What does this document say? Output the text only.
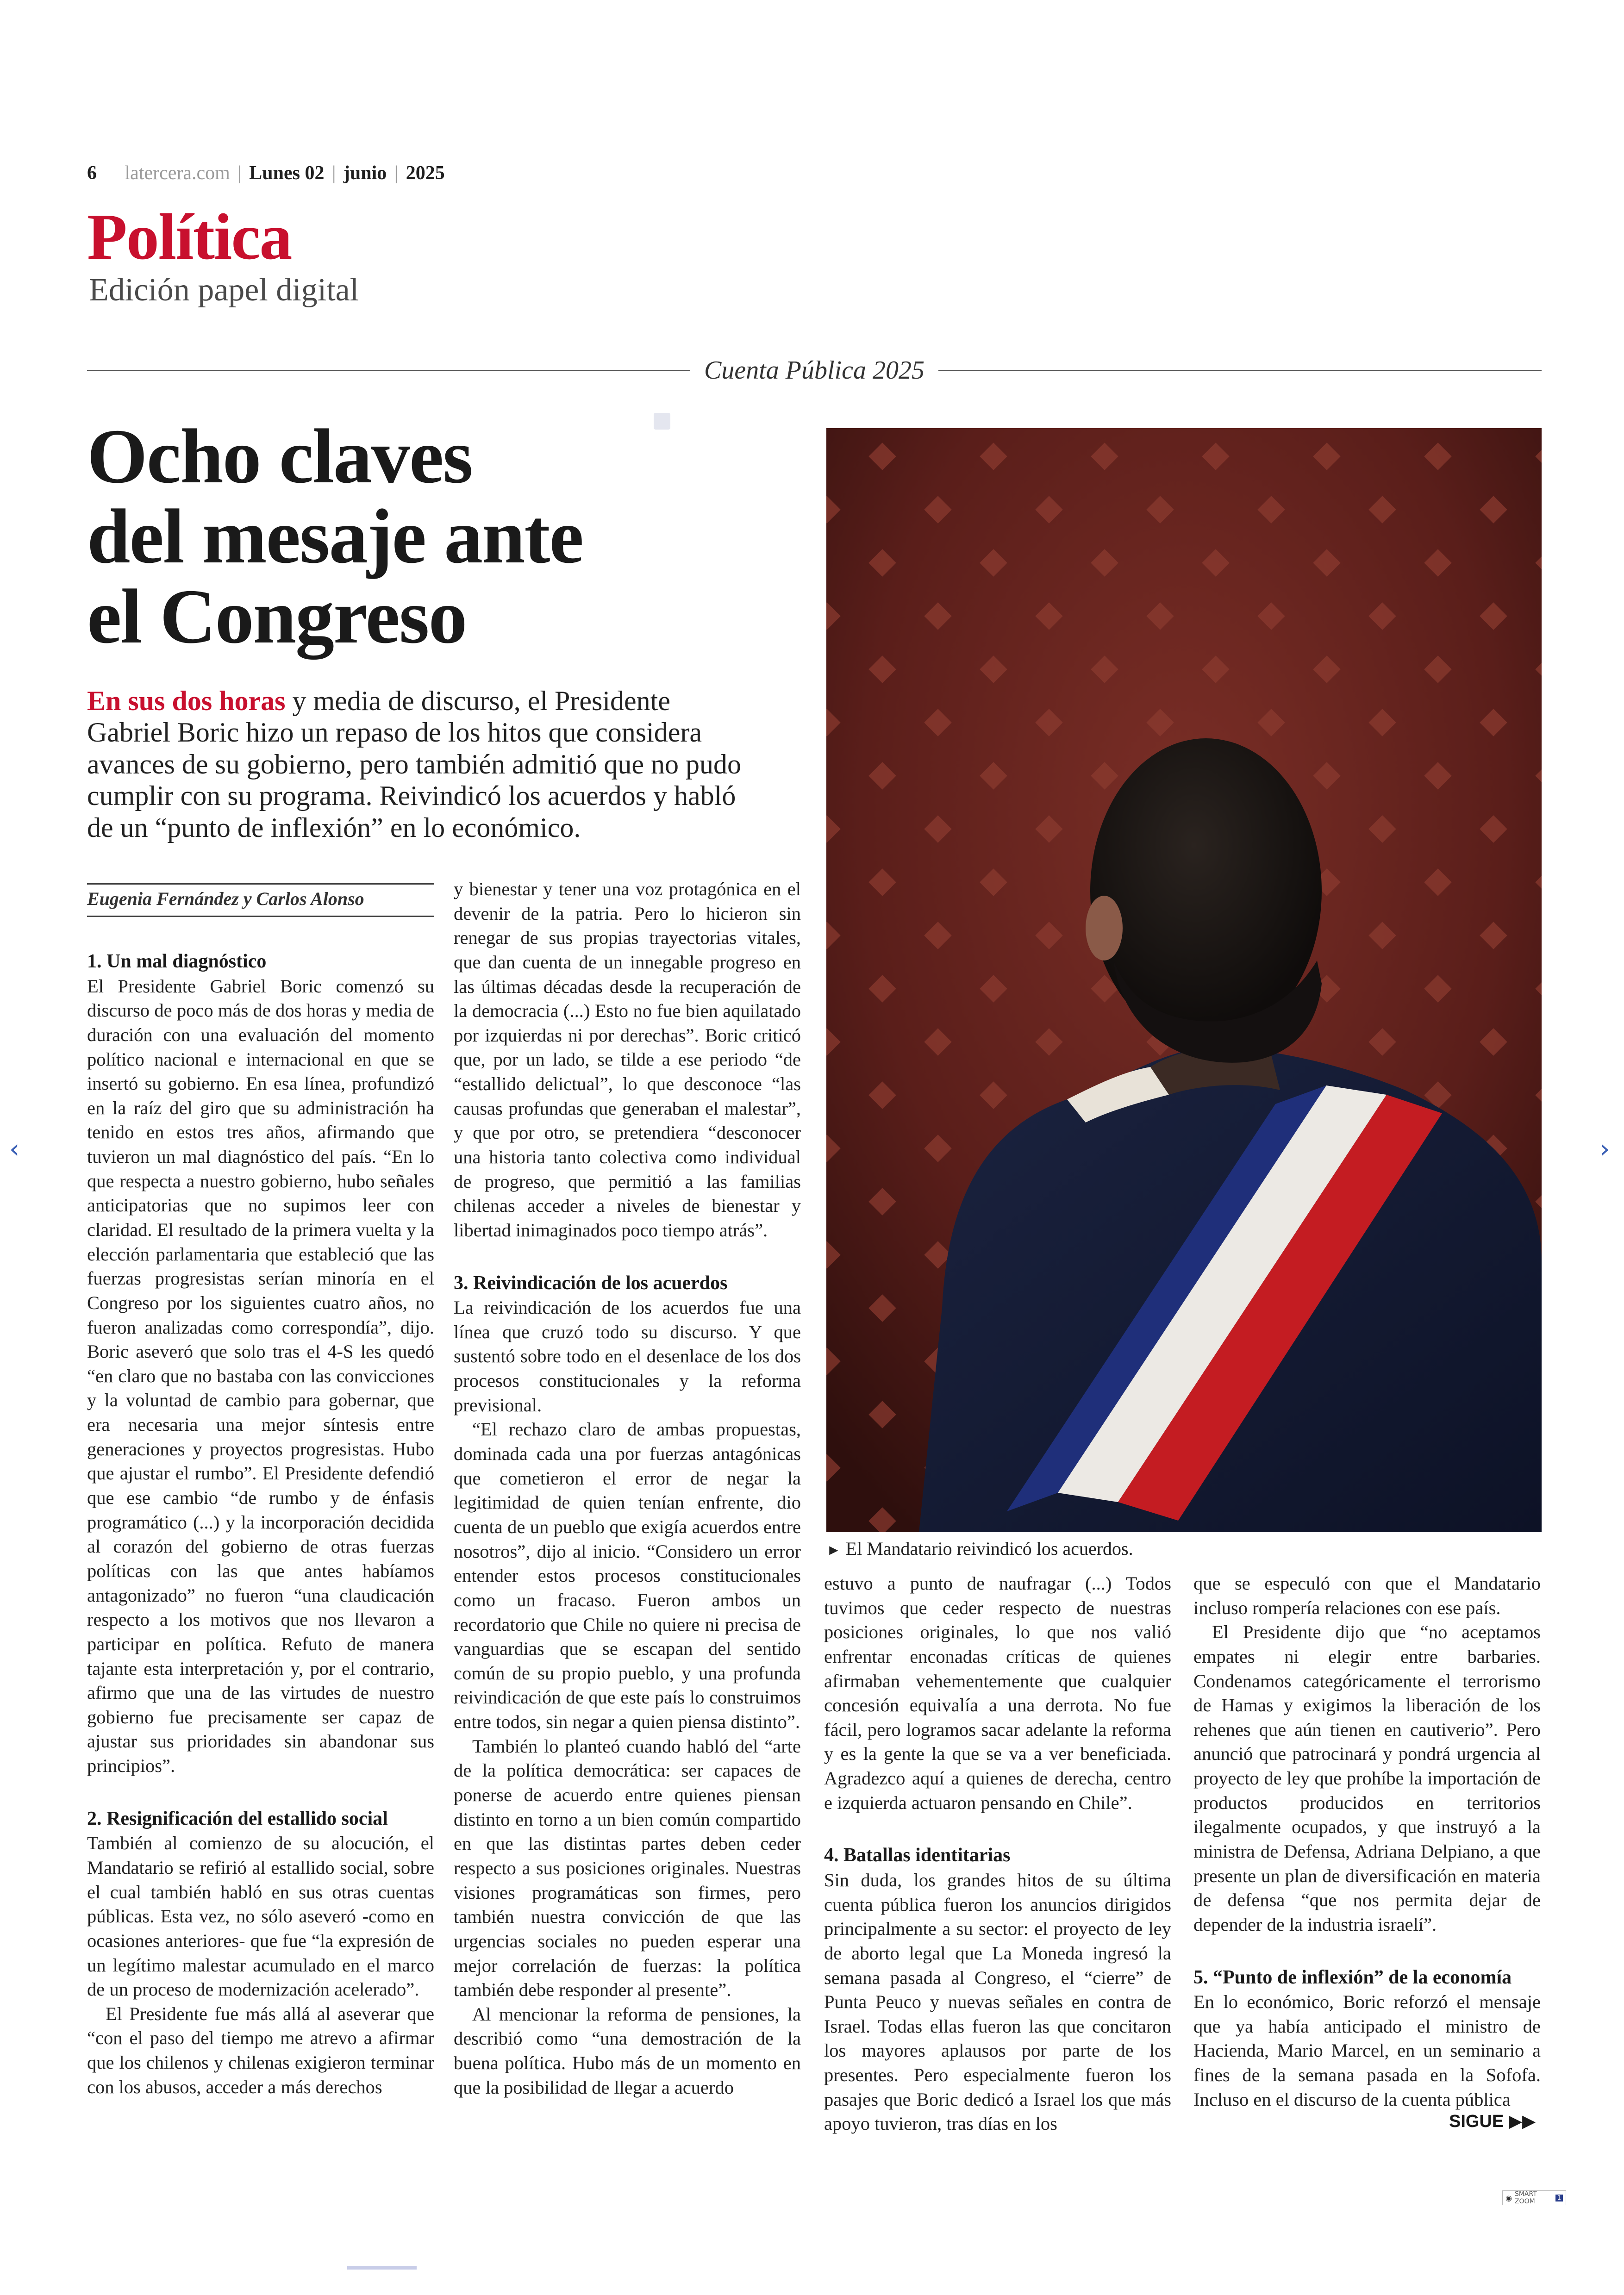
6 latercera.com | Lunes 02 | junio | 2025
Política
Edición papel digital
Cuenta Pública 2025
Ocho claves
del mesaje ante
el Congreso
En sus dos horas y media de discurso, el Presidente Gabriel Boric hizo un repaso de los hitos que considera avances de su gobierno, pero también admitió que no pudo cumplir con su programa. Reivindicó los acuerdos y habló de un “punto de inflexión” en lo económico.
Eugenia Fernández y Carlos Alonso
1. Un mal diagnóstico

El Presidente Gabriel Boric comenzó su discurso de poco más de dos horas y media de duración con una evaluación del momento político nacional e internacional en que se insertó su gobierno. En esa línea, profundizó en la raíz del giro que su administración ha tenido en estos tres años, afirmando que tuvieron un mal diagnóstico del país. “En lo que respecta a nuestro gobierno, hubo señales anticipatorias que no supimos leer con claridad. El resultado de la primera vuelta y la elección parlamentaria que estableció que las fuerzas progresistas serían minoría en el Congreso por los siguientes cuatro años, no fueron analizadas como correspondía”, dijo. Boric aseveró que solo tras el 4-S les quedó “en claro que no bastaba con las convicciones y la voluntad de cambio para gobernar, que era necesaria una mejor síntesis entre generaciones y proyectos progresistas. Hubo que ajustar el rumbo”. El Presidente defendió que ese cambio “de rumbo y de énfasis programático (...) y la incorporación decidida al corazón del gobierno de otras fuerzas políticas con las que antes habíamos antagonizado” no fueron “una claudicación respecto a los motivos que nos llevaron a participar en política. Refuto de manera tajante esta interpretación y, por el contrario, afirmo que una de las virtudes de nuestro gobierno fue precisamente ser capaz de ajustar sus prioridades sin abandonar sus principios”.

2. Resignificación del estallido social

También al comienzo de su alocución, el Mandatario se refirió al estallido social, sobre el cual también habló en sus otras cuentas públicas. Esta vez, no sólo aseveró -como en ocasiones anteriores- que fue “la expresión de un legítimo malestar acumulado en el marco de un proceso de modernización acelerado”.

El Presidente fue más allá al aseverar que “con el paso del tiempo me atrevo a afirmar que los chilenos y chilenas exigieron terminar con los abusos, acceder a más derechos

y bienestar y tener una voz protagónica en el devenir de la patria. Pero lo hicieron sin renegar de sus propias trayectorias vitales, que dan cuenta de un innegable progreso en las últimas décadas desde la recuperación de la democracia (...) Esto no fue bien aquilatado por izquierdas ni por derechas”. Boric criticó que, por un lado, se tilde a ese periodo “de “estallido delictual”, lo que desconoce “las causas profundas que generaban el malestar”, y que por otro, se pretendiera “desconocer una historia tanto colectiva como individual de progreso, que permitió a las familias chilenas acceder a niveles de bienestar y libertad inimaginados poco tiempo atrás”.

3. Reivindicación de los acuerdos

La reivindicación de los acuerdos fue una línea que cruzó todo su discurso. Y que sustentó sobre todo en el desenlace de los dos procesos constitucionales y la reforma previsional.

“El rechazo claro de ambas propuestas, dominada cada una por fuerzas antagónicas que cometieron el error de negar la legitimidad de quien tenían enfrente, dio cuenta de un pueblo que exigía acuerdos entre nosotros”, dijo al inicio. “Considero un error entender estos procesos constitucionales como un fracaso. Fueron ambos un recordatorio que Chile no quiere ni precisa de vanguardias que se escapan del sentido común de su propio pueblo, y una profunda reivindicación de que este país lo construimos entre todos, sin negar a quien piensa distinto”.

También lo planteó cuando habló del “arte de la política democrática: ser capaces de ponerse de acuerdo entre quienes piensan distinto en torno a un bien común compartido en que las distintas partes deben ceder respecto a sus posiciones originales. Nuestras visiones programáticas son firmes, pero también nuestra convicción de que las urgencias sociales no pueden esperar una mejor correlación de fuerzas: la política también debe responder al presente”.

Al mencionar la reforma de pensiones, la describió como “una demostración de la buena política. Hubo más de un momento en que la posibilidad de llegar a acuerdo

estuvo a punto de naufragar (...) Todos tuvimos que ceder respecto de nuestras posiciones originales, lo que nos valió enfrentar enconadas críticas de quienes afirmaban vehementemente que cualquier concesión equivalía a una derrota. No fue fácil, pero logramos sacar adelante la reforma y es la gente la que se va a ver beneficiada. Agradezco aquí a quienes de derecha, centro e izquierda actuaron pensando en Chile”.

4. Batallas identitarias

Sin duda, los grandes hitos de su última cuenta pública fueron los anuncios dirigidos principalmente a su sector: el proyecto de ley de aborto legal que La Moneda ingresó la semana pasada al Congreso, el “cierre” de Punta Peuco y nuevas señales en contra de Israel. Todas ellas fueron las que concitaron los mayores aplausos por parte de los presentes. Pero especialmente fueron los pasajes que Boric dedicó a Israel los que más apoyo tuvieron, tras días en los

que se especuló con que el Mandatario incluso rompería relaciones con ese país.

El Presidente dijo que “no aceptamos empates ni elegir entre barbaries. Condenamos categóricamente el terrorismo de Hamas y exigimos la liberación de los rehenes que aún tienen en cautiverio”. Pero anunció que patrocinará y pondrá urgencia al proyecto de ley que prohíbe la importación de productos producidos en territorios ilegalmente ocupados, y que instruyó a la ministra de Defensa, Adriana Delpiano, a que presente un plan de diversificación en materia de defensa “que nos permita dejar de depender de la industria israelí”.

5. “Punto de inflexión” de la economía

En lo económico, Boric reforzó el mensaje que ya había anticipado el ministro de Hacienda, Mario Marcel, en un seminario a fines de la semana pasada en la Sofofa. Incluso en el discurso de la cuenta pública

► El Mandatario reivindicó los acuerdos.
SIGUE ▶▶
‹	›
◉ SMART ZOOM	1
